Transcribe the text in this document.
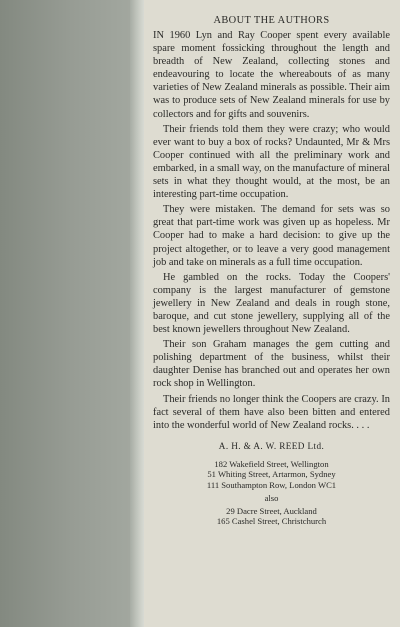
ABOUT THE AUTHORS

IN 1960 Lyn and Ray Cooper spent every available spare moment fossicking throughout the length and breadth of New Zealand, collecting stones and endeavouring to locate the whereabouts of as many varieties of New Zealand minerals as possible. Their aim was to produce sets of New Zealand minerals for use by collectors and for gifts and souvenirs.

Their friends told them they were crazy; who would ever want to buy a box of rocks? Undaunted, Mr & Mrs Cooper continued with all the preliminary work and embarked, in a small way, on the manufacture of mineral sets in what they thought would, at the most, be an interesting part-time occupation.

They were mistaken. The demand for sets was so great that part-time work was given up as hopeless. Mr Cooper had to make a hard decision: to give up the project altogether, or to leave a very good management job and take on minerals as a full time occupation.

He gambled on the rocks. Today the Coopers' company is the largest manufacturer of gemstone jewellery in New Zealand and deals in rough stone, baroque, and cut stone jewellery, supplying all of the best known jewellers throughout New Zealand.

Their son Graham manages the gem cutting and polishing department of the business, whilst their daughter Denise has branched out and operates her own rock shop in Wellington.

Their friends no longer think the Coopers are crazy. In fact several of them have also been bitten and entered into the wonderful world of New Zealand rocks. . . .

A. H. & A. W. REED Ltd.
182 Wakefield Street, Wellington
51 Whiting Street, Artarmon, Sydney
111 Southampton Row, London WC1
also
29 Dacre Street, Auckland
165 Cashel Street, Christchurch
